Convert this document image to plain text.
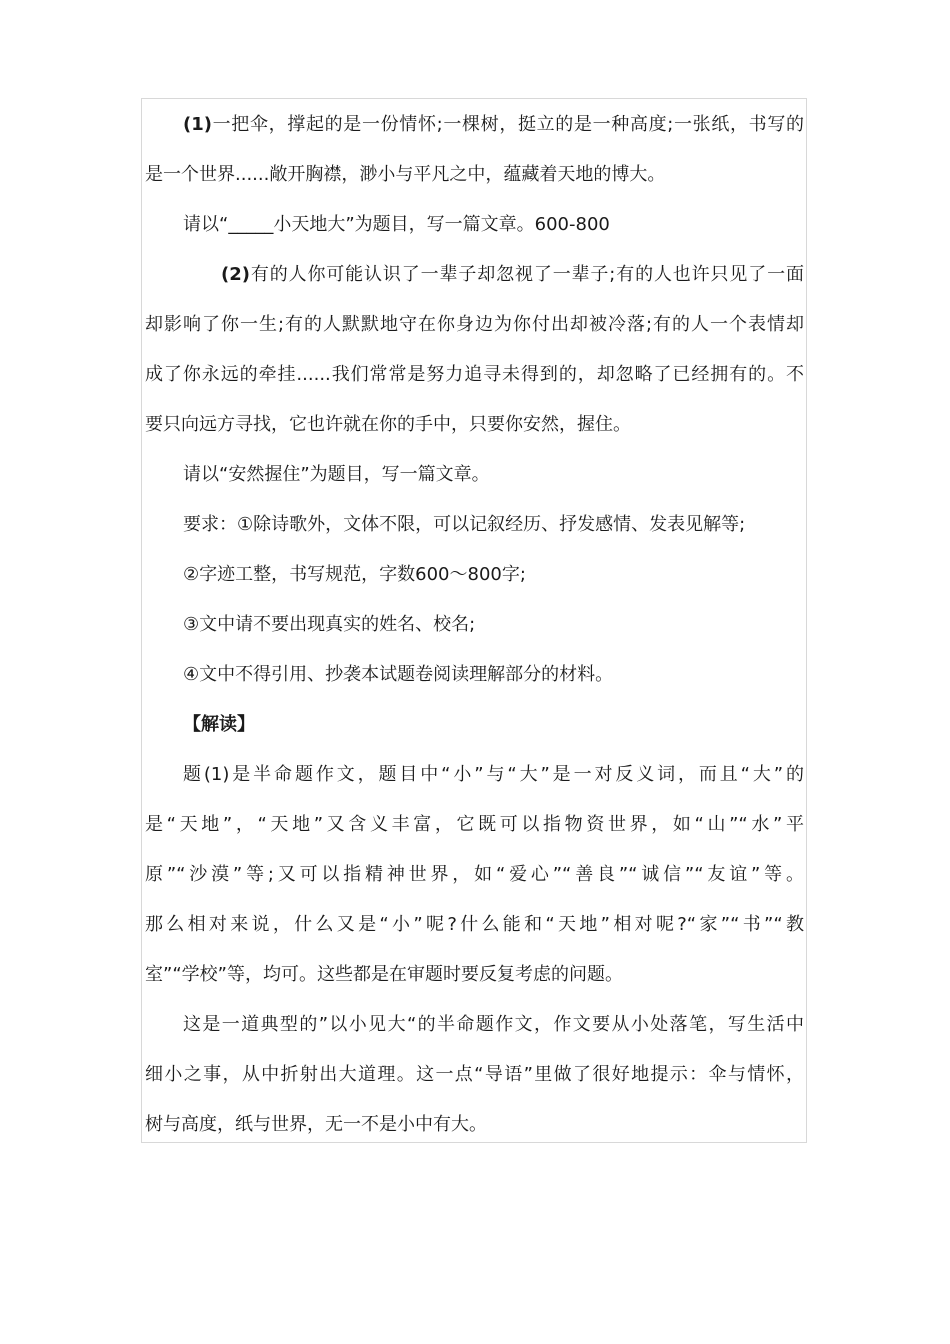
(1)一把伞，撑起的是一份情怀;一棵树，挺立的是一种高度;一张纸，书写的
是一个世界......敞开胸襟，渺小与平凡之中，蕴藏着天地的博大。
请以“_____小天地大”为题目，写一篇文章。600-800
(2)有的人你可能认识了一辈子却忽视了一辈子;有的人也许只见了一面
却影响了你一生;有的人默默地守在你身边为你付出却被冷落;有的人一个表情却
成了你永远的牵挂......我们常常是努力追寻未得到的，却忽略了已经拥有的。不
要只向远方寻找，它也许就在你的手中，只要你安然，握住。
请以“安然握住”为题目，写一篇文章。
要求：①除诗歌外，文体不限，可以记叙经历、抒发感情、发表见解等;
②字迹工整，书写规范，字数600～800字;
③文中请不要出现真实的姓名、校名;
④文中不得引用、抄袭本试题卷阅读理解部分的材料。
【解读】
题(1)是半命题作文，题目中“小”与“大”是一对反义词，而且“大”的
是“天地”，“天地”又含义丰富，它既可以指物资世界，如“山”“水”平
原”“沙漠”等;又可以指精神世界，如“爱心”“善良”“诚信”“友谊”等。
那么相对来说，什么又是“小”呢?什么能和“天地”相对呢?“家”“书”“教
室”“学校”等，均可。这些都是在审题时要反复考虑的问题。
这是一道典型的”以小见大“的半命题作文，作文要从小处落笔，写生活中
细小之事，从中折射出大道理。这一点“导语”里做了很好地提示：伞与情怀，
树与高度，纸与世界，无一不是小中有大。
